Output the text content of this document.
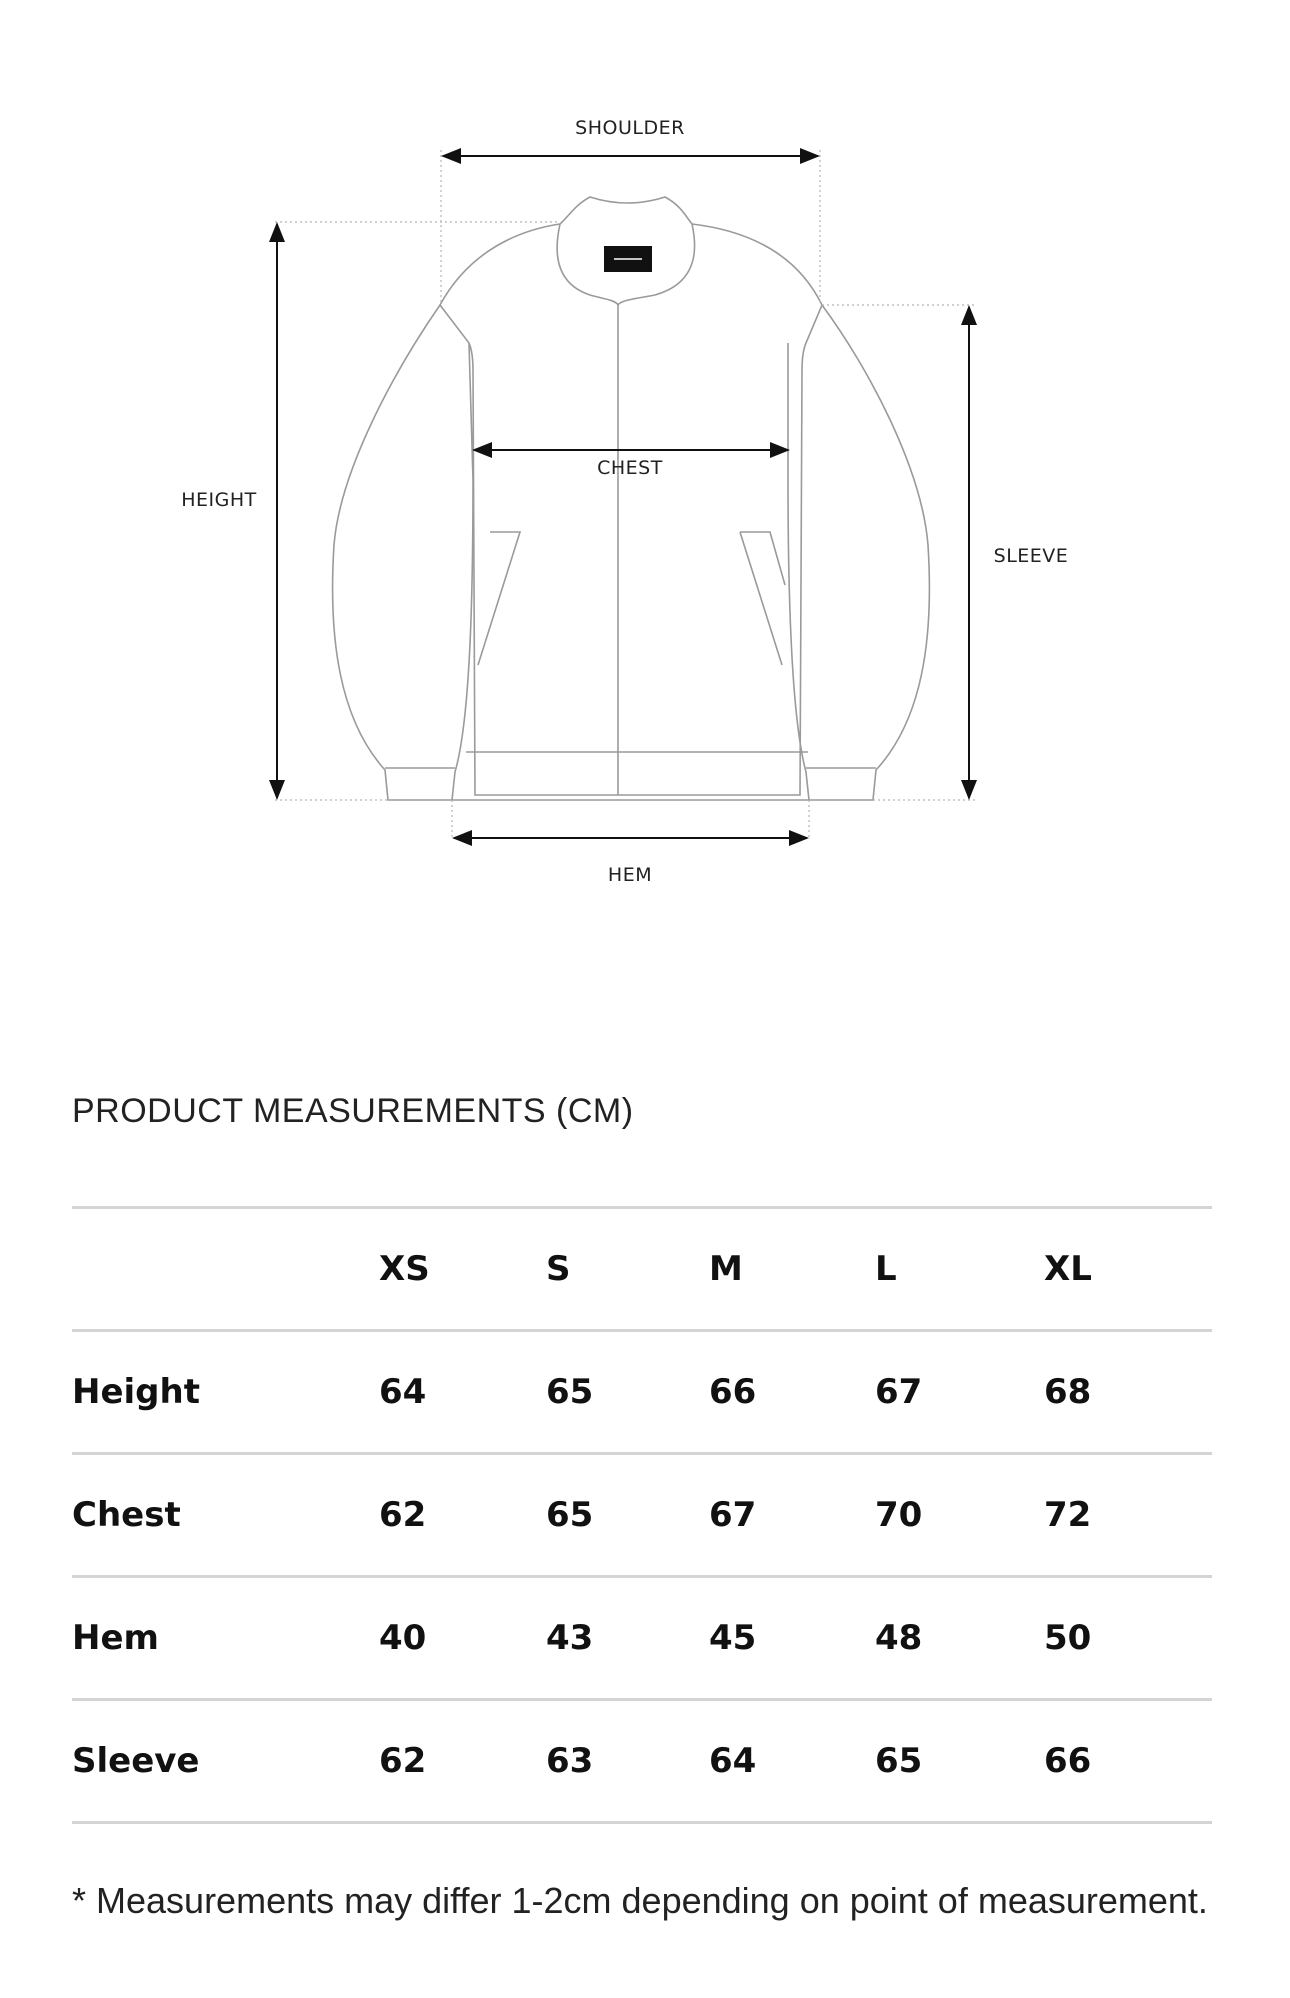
SHOULDER
HEIGHT
CHEST
SLEEVE
HEM
PRODUCT MEASUREMENTS (CM)
	XS	S	M	L	XL
Height	64	65	66	67	68
Chest	62	65	67	70	72
Hem	40	43	45	48	50
Sleeve	62	63	64	65	66
* Measurements may differ 1-2cm depending on point of measurement.
